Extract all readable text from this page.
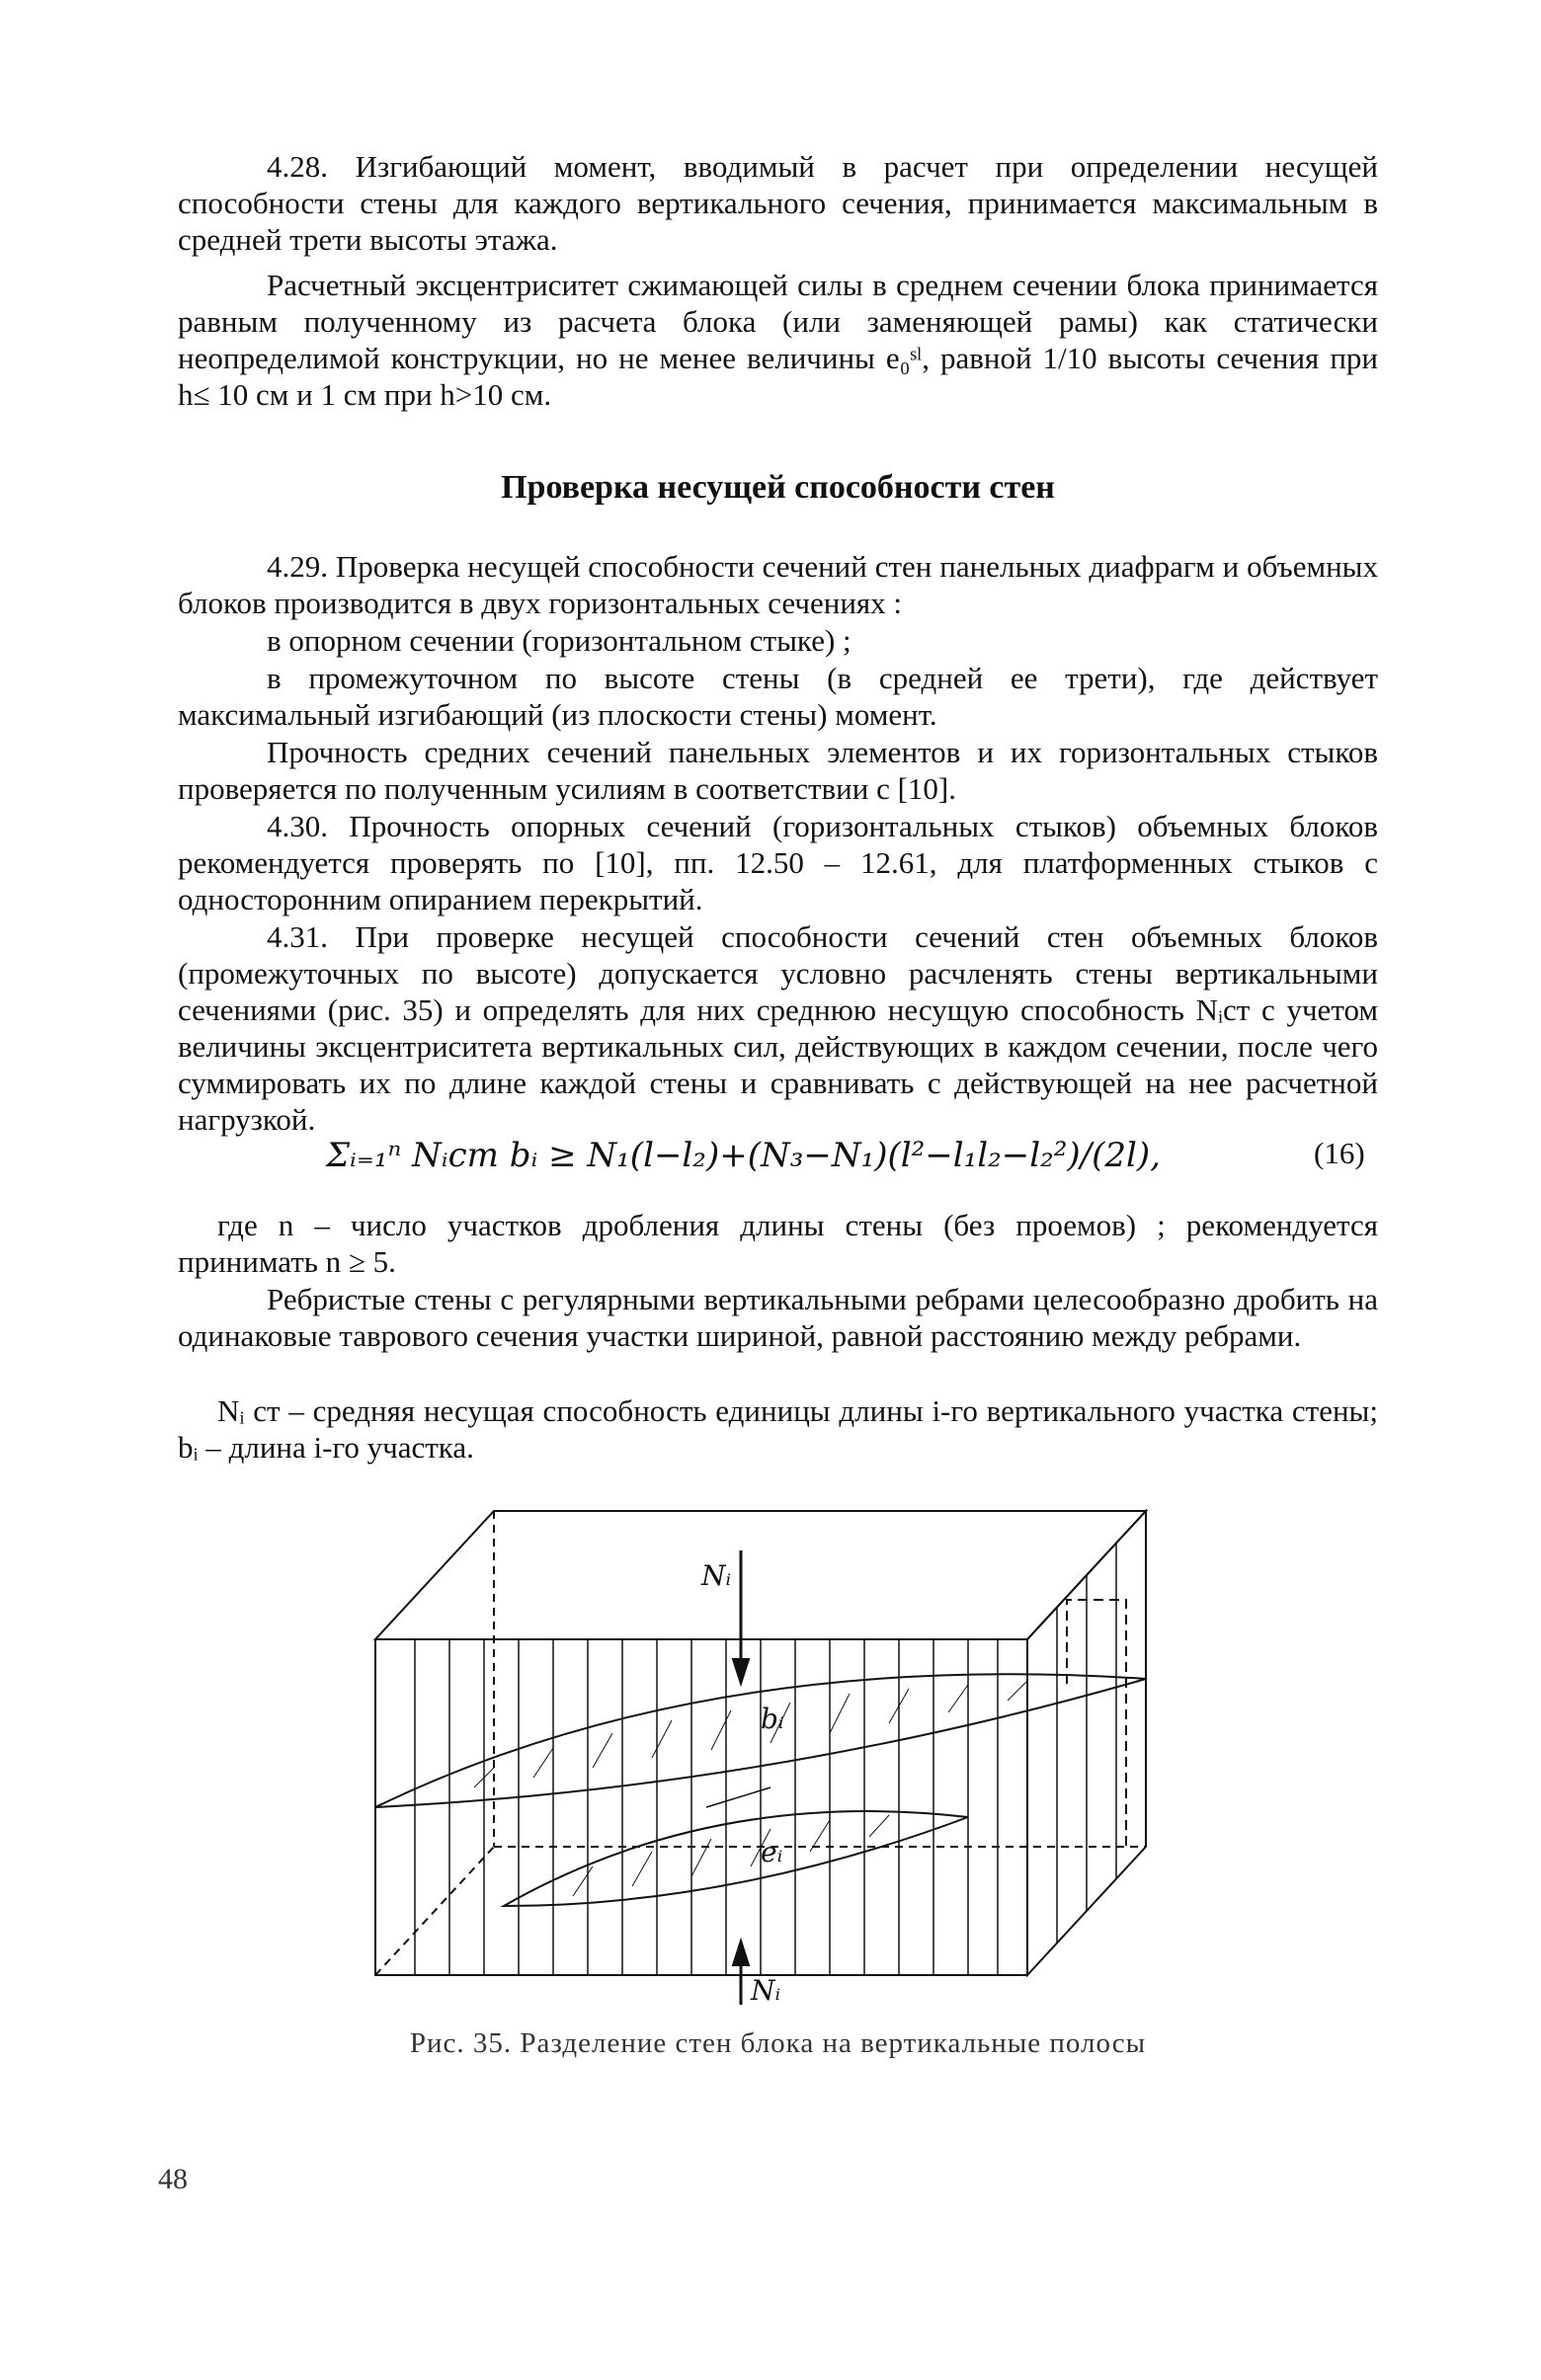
4.28. Изгибающий момент, вводимый в расчет при определении несущей способности стены для каждого вертикального сечения, принимается максимальным в средней трети высоты этажа.

Расчетный эксцентриситет сжимающей силы в среднем сечении блока принимается равным полученному из расчета блока (или заменяющей рамы) как статически неопределимой конструкции, но не менее величины e₀ˢˡ, равной 1/10 высоты сечения при h≤ 10 см и 1 см при h>10 см.

Проверка несущей способности стен

4.29. Проверка несущей способности сечений стен панельных диафрагм и объемных блоков производится в двух горизонтальных сечениях :

в опорном сечении (горизонтальном стыке) ;

в промежуточном по высоте стены (в средней ее трети), где действует максимальный изгибающий (из плоскости стены) момент.

Прочность средних сечений панельных элементов и их горизонтальных стыков проверяется по полученным усилиям в соответствии с [10].

4.30. Прочность опорных сечений (горизонтальных стыков) объемных блоков рекомендуется проверять по [10], пп. 12.50 – 12.61, для платформенных стыков с односторонним опиранием перекрытий.

4.31. При проверке несущей способности сечений стен объемных блоков (промежуточных по высоте) допускается условно расчленять стены вертикальными сечениями (рис. 35) и определять для них среднюю несущую способность Nᵢcт с учетом величины эксцентриситета вертикальных сил, действующих в каждом сечении, после чего суммировать их по длине каждой стены и сравнивать с действующей на нее расчетной нагрузкой.

Σᵢ₌₁ⁿ Nᵢcт bᵢ ≥ N₁(l−l₂)+(N₃−N₁)(l²−l₁l₂−l₂²)/(2l),	(16)

где n – число участков дробления длины стены (без проемов) ; рекомендуется принимать n ≥ 5.

Ребристые стены с регулярными вертикальными ребрами целесообразно дробить на одинаковые таврового сечения участки шириной, равной расстоянию между ребрами.

Nᵢ cт – средняя несущая способность единицы длины i-го вертикального участка стены; bᵢ – длина i-го участка.

Nᵢ
bᵢ
eᵢ
Nᵢ
Рис. 35. Разделение стен блока на вертикальные полосы
48
